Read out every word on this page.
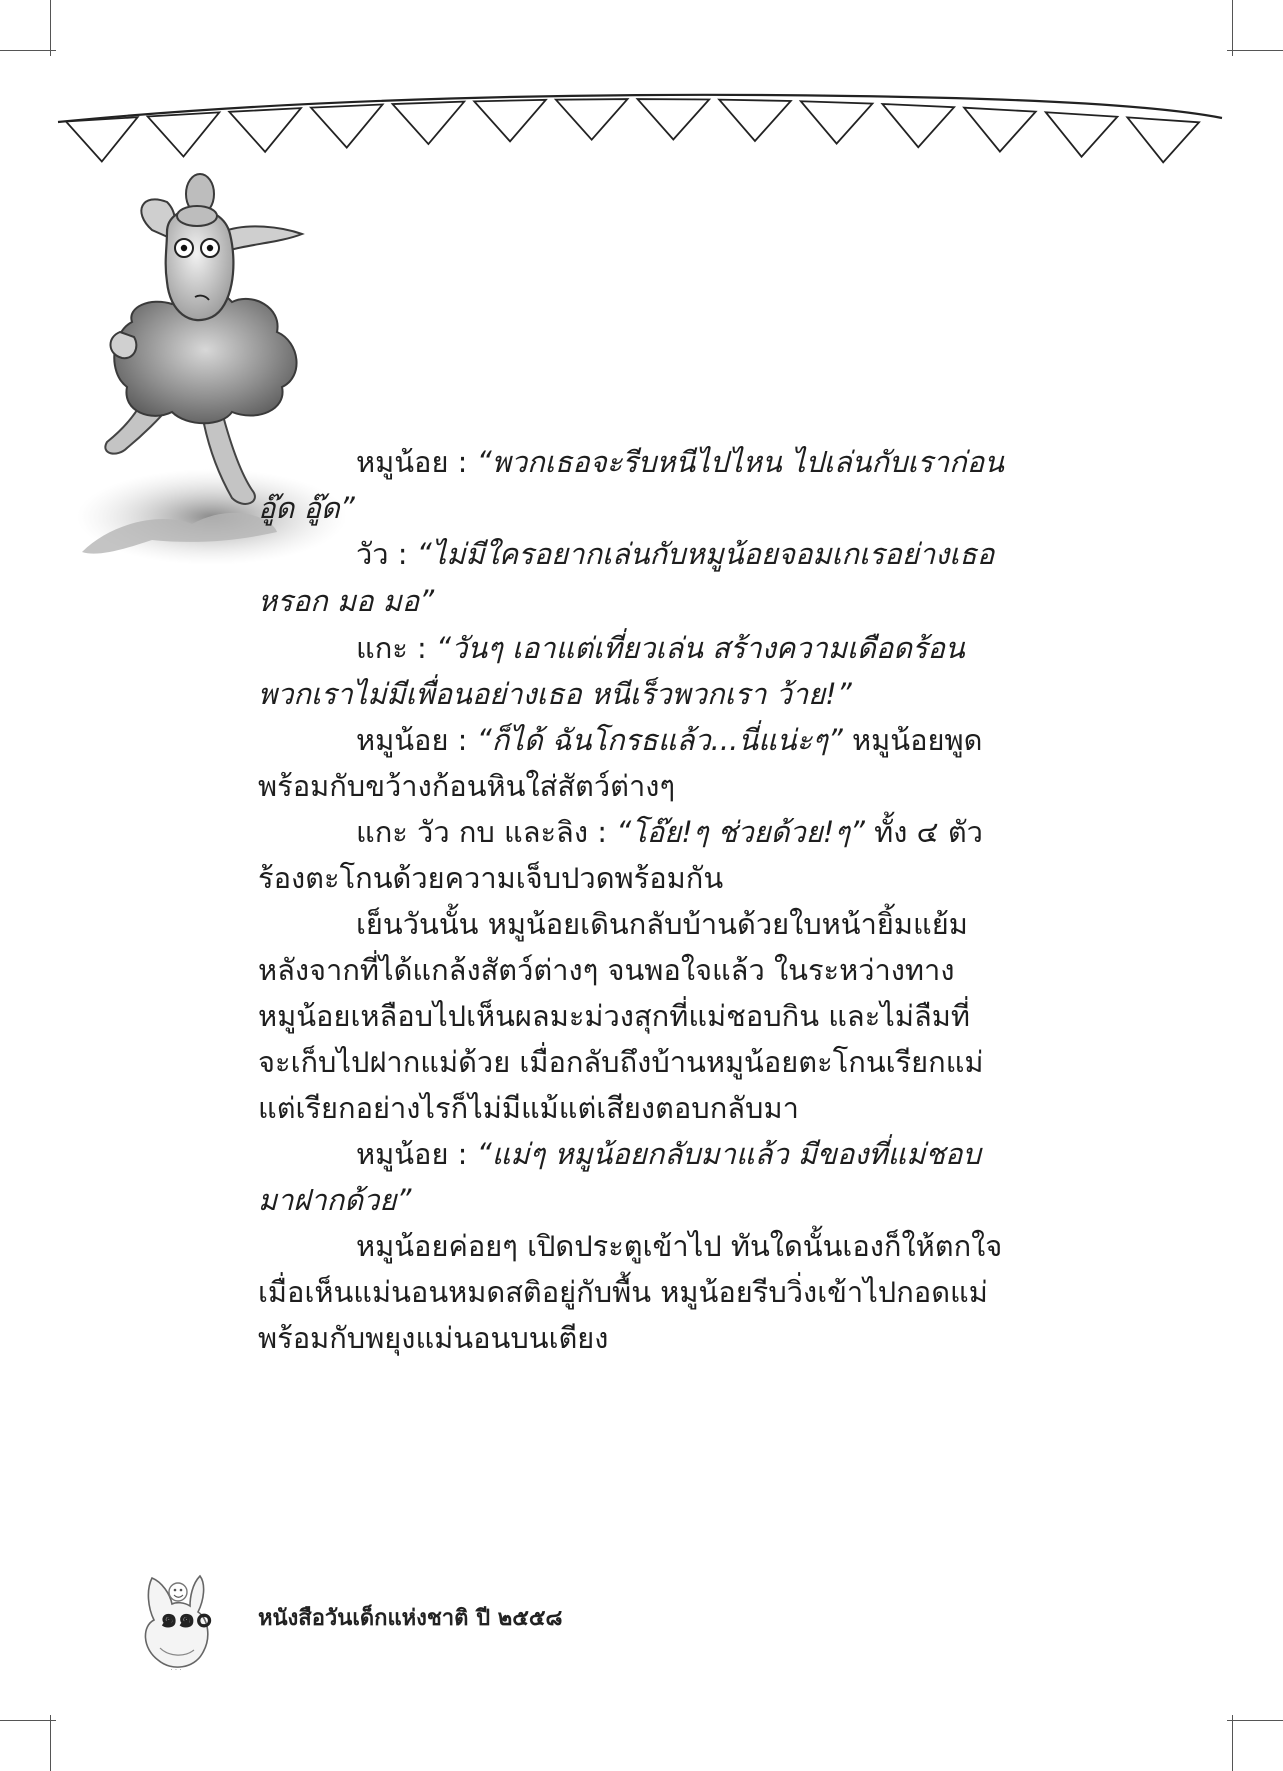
หมูน้อย : “พวกเธอจะรีบหนีไปไหน ไปเล่นกับเราก่อน
อู๊ด อู๊ด”
วัว : “ไม่มีใครอยากเล่นกับหมูน้อยจอมเกเรอย่างเธอ
หรอก มอ มอ”
แกะ : “วันๆ เอาแต่เที่ยวเล่น สร้างความเดือดร้อน
พวกเราไม่มีเพื่อนอย่างเธอ หนีเร็วพวกเรา ว้าย!”
หมูน้อย : “ก็ได้ ฉันโกรธแล้ว...นี่แน่ะๆ” หมูน้อยพูด
พร้อมกับขว้างก้อนหินใส่สัตว์ต่างๆ
แกะ วัว กบ และลิง : “โอ๊ย!ๆ ช่วยด้วย!ๆ” ทั้ง ๔ ตัว
ร้องตะโกนด้วยความเจ็บปวดพร้อมกัน
เย็นวันนั้น หมูน้อยเดินกลับบ้านด้วยใบหน้ายิ้มแย้ม
หลังจากที่ได้แกล้งสัตว์ต่างๆ จนพอใจแล้ว ในระหว่างทาง
หมูน้อยเหลือบไปเห็นผลมะม่วงสุกที่แม่ชอบกิน และไม่ลืมที่
จะเก็บไปฝากแม่ด้วย เมื่อกลับถึงบ้านหมูน้อยตะโกนเรียกแม่
แต่เรียกอย่างไรก็ไม่มีแม้แต่เสียงตอบกลับมา
หมูน้อย : “แม่ๆ หมูน้อยกลับมาแล้ว มีของที่แม่ชอบ
มาฝากด้วย”
หมูน้อยค่อยๆ เปิดประตูเข้าไป ทันใดนั้นเองก็ให้ตกใจ
เมื่อเห็นแม่นอนหมดสติอยู่กับพื้น หมูน้อยรีบวิ่งเข้าไปกอดแม่
พร้อมกับพยุงแม่นอนบนเตียง
· · ·
๑๑๐ หนังสือวันเด็กแห่งชาติ ปี ๒๕๕๘
